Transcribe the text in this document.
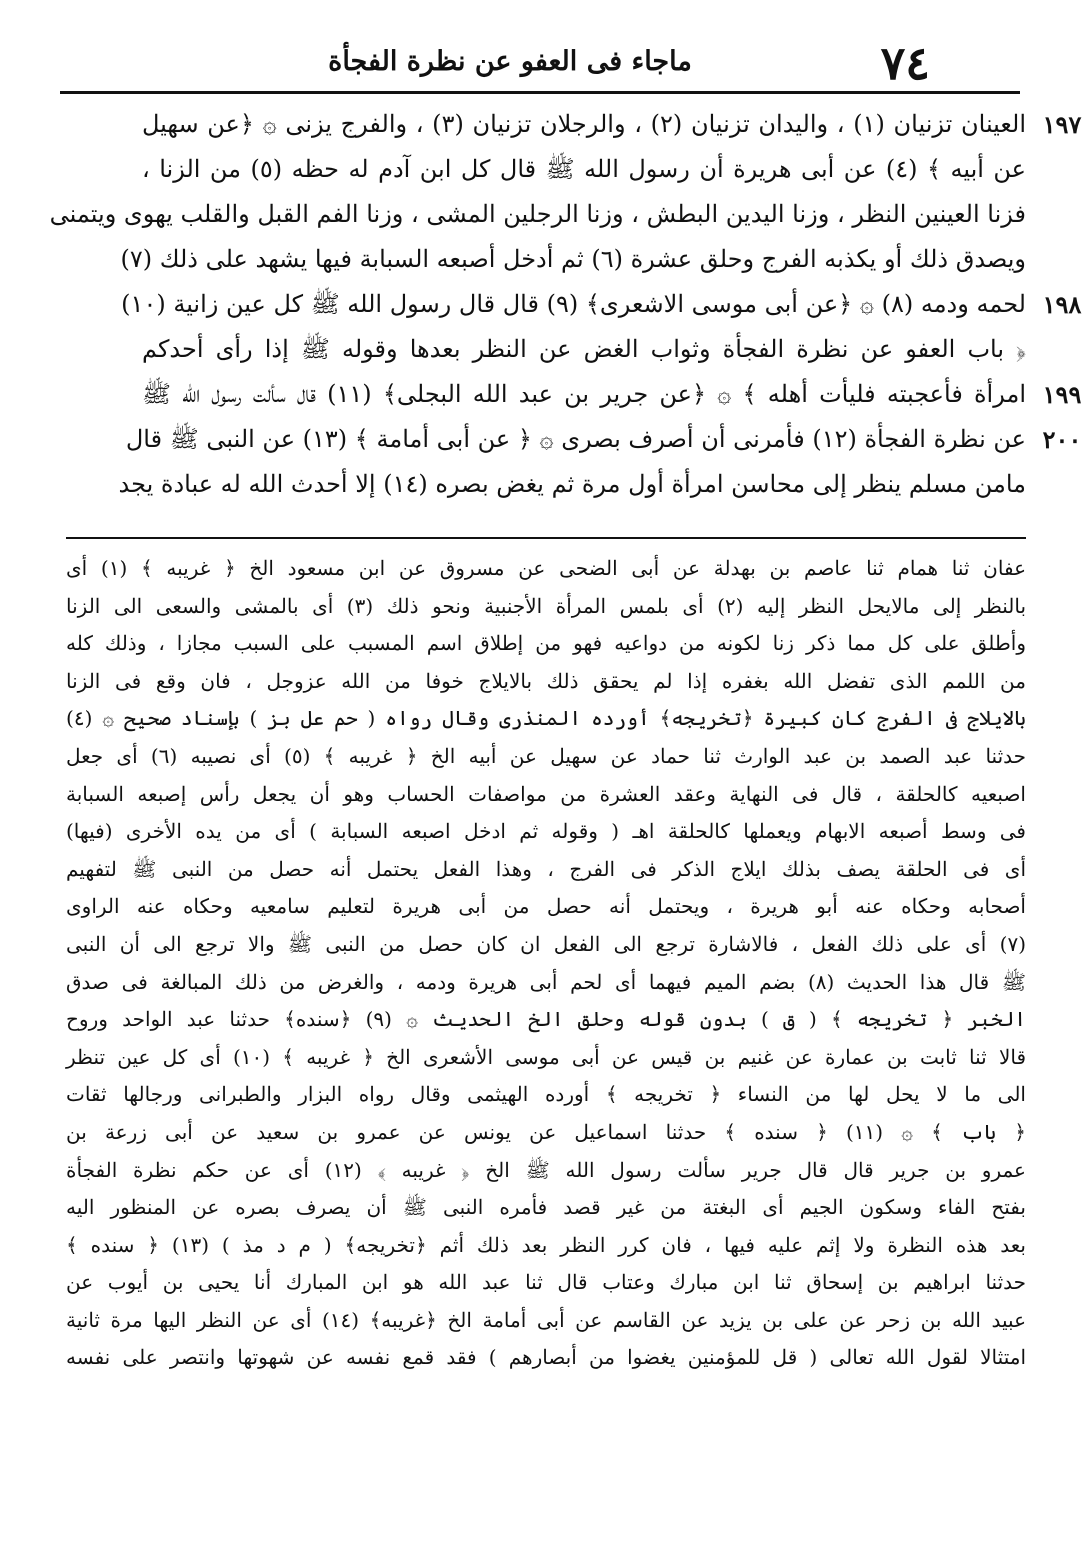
٧٤
ماجاء فى العفو عن نظرة الفجأة
١٩٧
العينان تزنيان (١) ، واليدان تزنيان (٢) ، والرجلان تزنيان (٣) ، والفرج يزنى ۞ ﴿عن سهيل
عن أبيه ﴾ (٤) عن أبى هريرة أن رسول الله ﷺ قال كل ابن آدم له حظه (٥) من الزنا ،
فزنا العينين النظر ، وزنا اليدين البطش ، وزنا الرجلين المشى ، وزنا الفم القبل والقلب يهوى ويتمنى
ويصدق ذلك أو يكذبه الفرج وحلق عشرة (٦) ثم أدخل أصبعه السبابة فيها يشهد على ذلك (٧)
١٩٨
لحمه ودمه (٨) ۞ ﴿عن أبى موسى الاشعرى﴾ (٩) قال قال رسول الله ﷺ كل عين زانية (١٠)
﴿ باب العفو عن نظرة الفجأة وثواب الغض عن النظر بعدها وقوله ﷺ إذا رأى أحدكم
١٩٩
امرأة فأعجبته فليأت أهله ﴾ ۞ ﴿عن جرير بن عبد الله البجلى﴾ (١١) قال سألت رسول الله ﷺ
٢٠٠
عن نظرة الفجأة (١٢) فأمرنى أن أصرف بصرى ۞ ﴿ عن أبى أمامة ﴾ (١٣) عن النبى ﷺ قال
مامن مسلم ينظر إلى محاسن امرأة أول مرة ثم يغض بصره (١٤) إلا أحدث الله له عبادة يجد
عفان ثنا همام ثنا عاصم بن بهدلة عن أبى الضحى عن مسروق عن ابن مسعود الخ ﴿ غريبه ﴾ (١) أى
بالنظر إلى مالايحل النظر إليه (٢) أى بلمس المرأة الأجنبية ونحو ذلك (٣) أى بالمشى والسعى الى الزنا
وأطلق على كل مما ذكر زنا لكونه من دواعيه فهو من إطلاق اسم المسبب على السبب مجازا ، وذلك كله
من اللمم الذى تفضل الله بغفره إذا لم يحقق ذلك بالايلاج خوفا من الله عزوجل ، فان وقع فى الزنا
بالايلاج فى الفرج كان كبيرة ﴿تخريجه﴾ أورده المنذرى وقال رواه ( حم عل بز ) بإسناد صحيح ۞ (٤)
حدثنا عبد الصمد بن عبد الوارث ثنا حماد عن سهيل عن أبيه الخ ﴿ غريبه ﴾ (٥) أى نصيبه (٦) أى جعل
اصبعيه كالحلقة ، قال فى النهاية وعقد العشرة من مواصفات الحساب وهو أن يجعل رأس إصبعه السبابة
فى وسط أصبعه الابهام ويعملها كالحلقة اهـ ( وقوله ثم ادخل اصبعه السبابة ) أى من يده الأخرى (فيها)
أى فى الحلقة يصف بذلك ايلاج الذكر فى الفرج ، وهذا الفعل يحتمل أنه حصل من النبى ﷺ لتفهيم
أصحابه وحكاه عنه أبو هريرة ، ويحتمل أنه حصل من أبى هريرة لتعليم سامعيه وحكاه عنه الراوى
(٧) أى على ذلك الفعل ، فالاشارة ترجع الى الفعل ان كان حصل من النبى ﷺ والا ترجع الى أن النبى
ﷺ قال هذا الحديث (٨) بضم الميم فيهما أى لحم أبى هريرة ودمه ، والغرض من ذلك المبالغة فى صدق
الخبر ﴿ تخريجه ﴾ ( ق ) بدون قوله وحلق الخ الحديث ۞ (٩) ﴿سنده﴾ حدثنا عبد الواحد وروح
قالا ثنا ثابت بن عمارة عن غنيم بن قيس عن أبى موسى الأشعرى الخ ﴿ غريبه ﴾ (١٠) أى كل عين تنظر
الى ما لا يحل لها من النساء ﴿ تخريجه ﴾ أورده الهيثمى وقال رواه البزار والطبرانى ورجالها ثقات
﴿ باب ﴾ ۞ (١١) ﴿ سنده ﴾ حدثنا اسماعيل عن يونس عن عمرو بن سعيد عن أبى زرعة بن
عمرو بن جرير قال قال جرير سألت رسول الله ﷺ الخ ﴿ غريبه ﴾ (١٢) أى عن حكم نظرة الفجأة
بفتح الفاء وسكون الجيم أى البغتة من غير قصد فأمره النبى ﷺ أن يصرف بصره عن المنظور اليه
بعد هذه النظرة ولا إثم عليه فيها ، فان كرر النظر بعد ذلك أثم ﴿تخريجه﴾ ( م د مذ ) (١٣) ﴿ سنده ﴾
حدثنا ابراهيم بن إسحاق ثنا ابن مبارك وعتاب قال ثنا عبد الله هو ابن المبارك أنا يحيى بن أيوب عن
عبيد الله بن زحر عن على بن يزيد عن القاسم عن أبى أمامة الخ ﴿غريبه﴾ (١٤) أى عن النظر اليها مرة ثانية
امتثالا لقول الله تعالى ( قل للمؤمنين يغضوا من أبصارهم ) فقد قمع نفسه عن شهوتها وانتصر على نفسه
